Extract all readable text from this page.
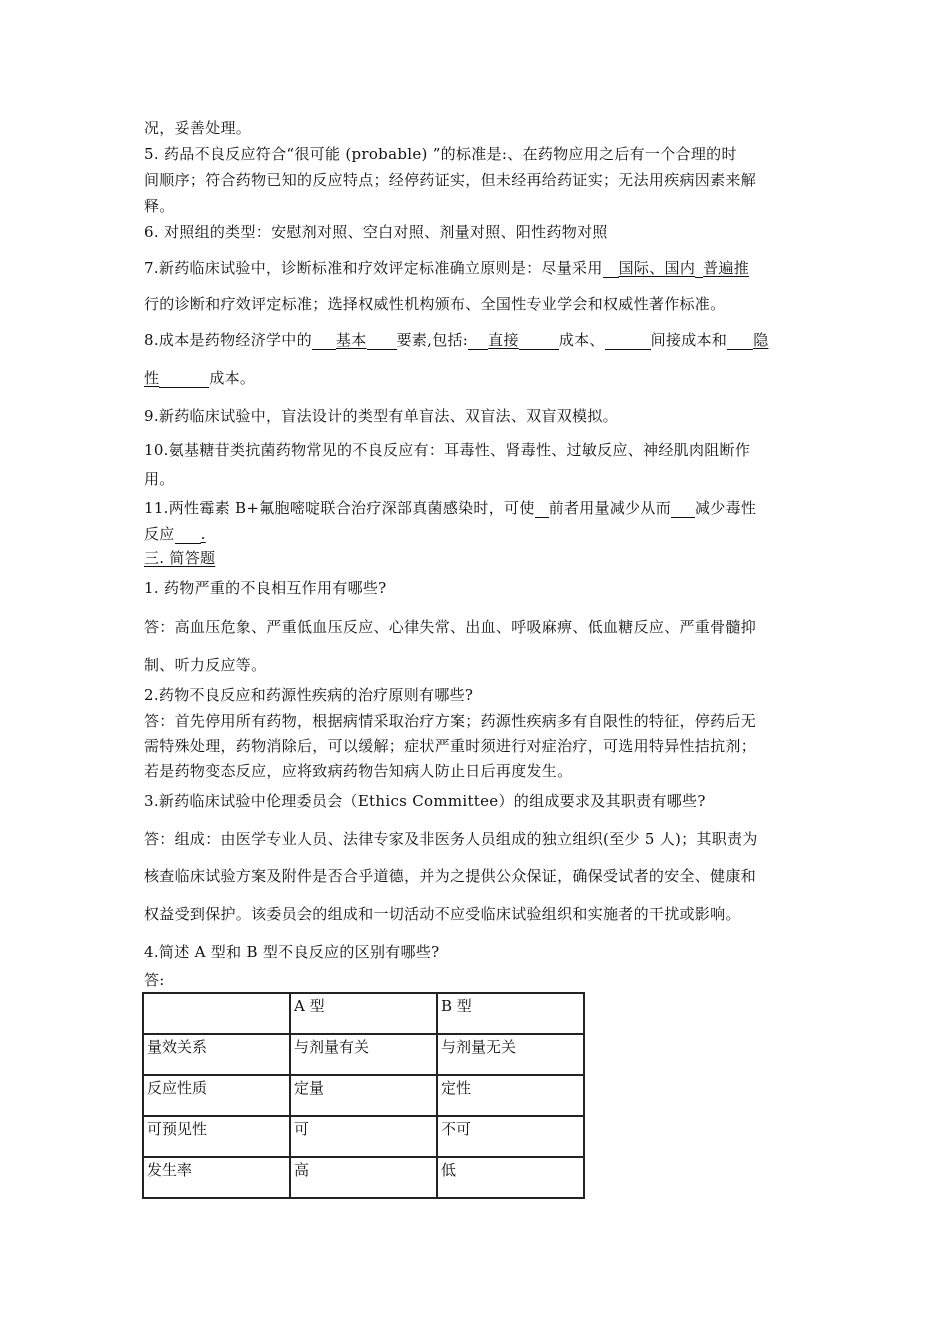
况，妥善处理。
5. 药品不良反应符合“很可能 (probable) ”的标准是:、在药物应用之后有一个合理的时
间顺序；符合药物已知的反应特点；经停药证实，但未经再给药证实；无法用疾病因素来解
释。
6. 对照组的类型：安慰剂对照、空白对照、剂量对照、阳性药物对照
7.新药临床试验中，诊断标准和疗效评定标准确立原则是：尽量采用 国际、国内 普遍推
行的诊断和疗效评定标准；选择权威性机构颁布、全国性专业学会和权威性著作标准。
8.成本是药物经济学中的 基本 要素,包括: 直接	成本、	间接成本和 隐
性	成本。
9.新药临床试验中，盲法设计的类型有单盲法、双盲法、双盲双模拟。
10.氨基糖苷类抗菌药物常见的不良反应有：耳毒性、肾毒性、过敏反应、神经肌肉阻断作
用。
11.两性霉素 B+氟胞嘧啶联合治疗深部真菌感染时，可使 前者用量减少从而 减少毒性
反应 .
三. 简答题
1. 药物严重的不良相互作用有哪些?
答：高血压危象、严重低血压反应、心律失常、出血、呼吸麻痹、低血糖反应、严重骨髓抑
制、听力反应等。
2.药物不良反应和药源性疾病的治疗原则有哪些?
答：首先停用所有药物，根据病情采取治疗方案；药源性疾病多有自限性的特征，停药后无
需特殊处理，药物消除后，可以缓解；症状严重时须进行对症治疗，可选用特异性拮抗剂；
若是药物变态反应，应将致病药物告知病人防止日后再度发生。
3.新药临床试验中伦理委员会（Ethics Committee）的组成要求及其职责有哪些?
答：组成：由医学专业人员、法律专家及非医务人员组成的独立组织(至少 5 人)；其职责为
核查临床试验方案及附件是否合乎道德，并为之提供公众保证，确保受试者的安全、健康和
权益受到保护。该委员会的组成和一切活动不应受临床试验组织和实施者的干扰或影响。
4.简述 A 型和 B 型不良反应的区别有哪些?
答:
	A 型	B 型
量效关系	与剂量有关	与剂量无关
反应性质	定量	定性
可预见性	可	不可
发生率	高	低
